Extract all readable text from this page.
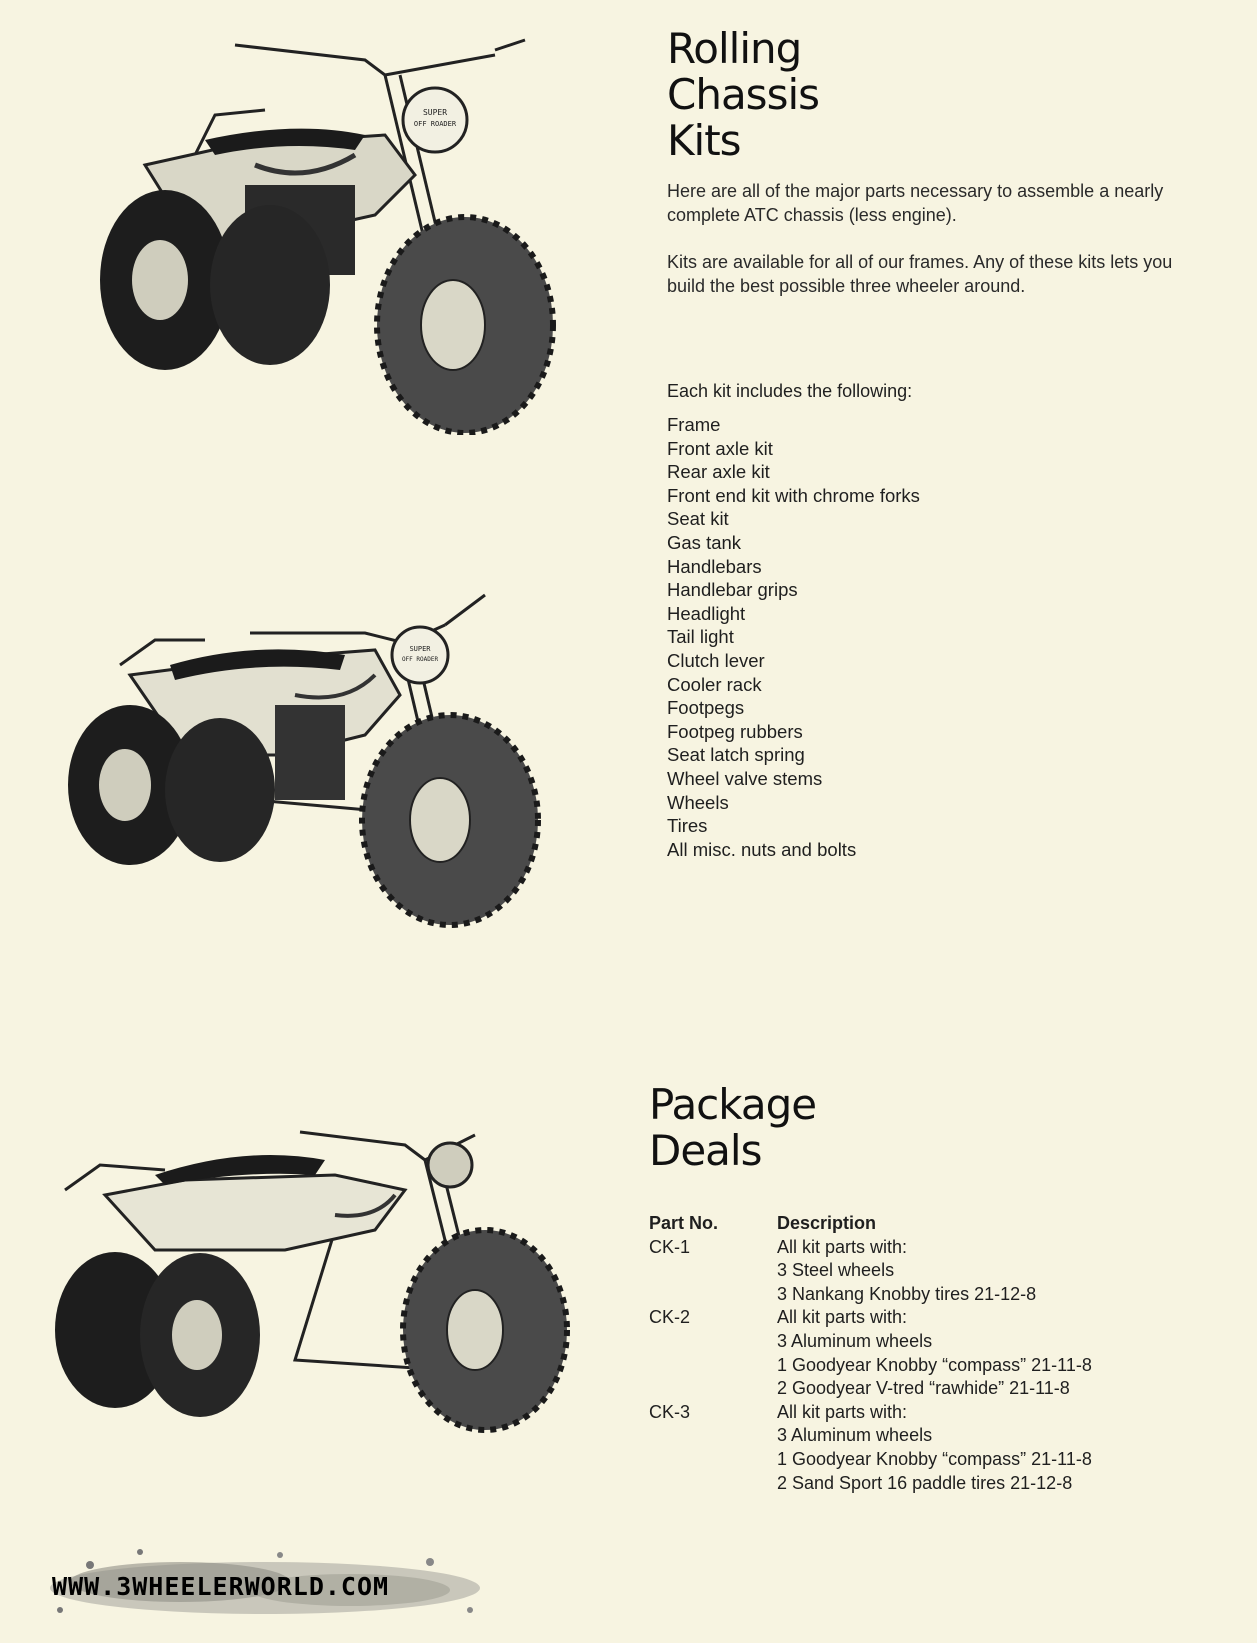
SUPER
OFF ROADER
SUPER
OFF ROADER
Rolling
Chassis
Kits

Here are all of the major parts necessary to assemble a nearly complete ATC chassis (less engine).

Kits are available for all of our frames. Any of these kits lets you build the best possible three wheeler around.

Each kit includes the following:

Frame
Front axle kit
Rear axle kit
Front end kit with chrome forks
Seat kit
Gas tank
Handlebars
Handlebar grips
Headlight
Tail light
Clutch lever
Cooler rack
Footpegs
Footpeg rubbers
Seat latch spring
Wheel valve stems
Wheels
Tires
All misc. nuts and bolts
Package
Deals
Part No.	Description
CK-1	All kit parts with:
3 Steel wheels
3 Nankang Knobby tires 21-12-8
CK-2	All kit parts with:
3 Aluminum wheels
1 Goodyear Knobby “compass” 21-11-8
2 Goodyear V-tred “rawhide” 21-11-8
CK-3	All kit parts with:
3 Aluminum wheels
1 Goodyear Knobby “compass” 21-11-8
2 Sand Sport 16 paddle tires 21-12-8
WWW.3WHEELERWORLD.COM
